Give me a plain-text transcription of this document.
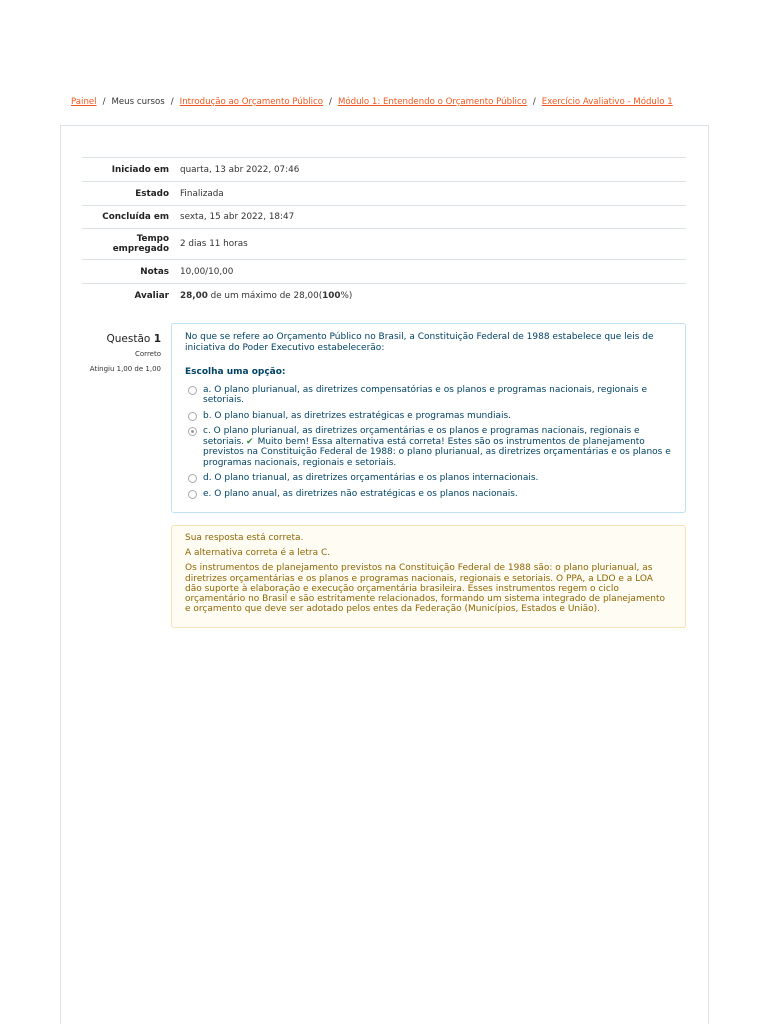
Painel / Meus cursos / Introdução ao Orçamento Público / Módulo 1: Entendendo o Orçamento Público / Exercício Avaliativo - Módulo 1
Iniciado em	quarta, 13 abr 2022, 07:46
Estado	Finalizada
Concluída em	sexta, 15 abr 2022, 18:47
Tempo
empregado	2 dias 11 horas
Notas	10,00/10,00
Avaliar	28,00 de um máximo de 28,00(100%)
Questão 1
Correto
Atingiu 1,00 de 1,00

No que se refere ao Orçamento Público no Brasil, a Constituição Federal de 1988 estabelece que leis de iniciativa do Poder Executivo estabelecerão:

Escolha uma opção:
a. O plano plurianual, as diretrizes compensatórias e os planos e programas nacionais, regionais e setoriais.
b. O plano bianual, as diretrizes estratégicas e programas mundiais.
c. O plano plurianual, as diretrizes orçamentárias e os planos e programas nacionais, regionais e setoriais. ✔ Muito bem! Essa alternativa está correta! Estes são os instrumentos de planejamento previstos na Constituição Federal de 1988: o plano plurianual, as diretrizes orçamentárias e os planos e programas nacionais, regionais e setoriais.
d. O plano trianual, as diretrizes orçamentárias e os planos internacionais.
e. O plano anual, as diretrizes não estratégicas e os planos nacionais.

Sua resposta está correta.

A alternativa correta é a letra C.

Os instrumentos de planejamento previstos na Constituição Federal de 1988 são: o plano plurianual, as diretrizes orçamentárias e os planos e programas nacionais, regionais e setoriais. O PPA, a LDO e a LOA dão suporte à elaboração e execução orçamentária brasileira. Esses instrumentos regem o ciclo orçamentário no Brasil e são estritamente relacionados, formando um sistema integrado de planejamento e orçamento que deve ser adotado pelos entes da Federação (Municípios, Estados e União).
